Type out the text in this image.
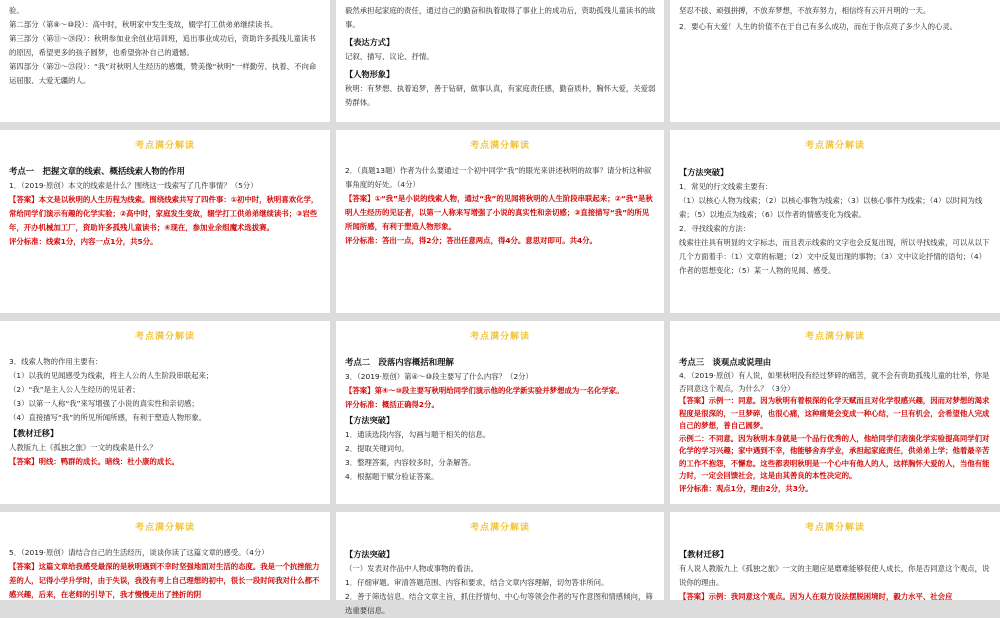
验。
第二部分（第⑧～⑩段）：高中时，秋明家中发生变故，辍学打工供弟弟继续读书。
第三部分（第⑪～⑳段）：秋明参加业余创业培训班，追出事业成功后，资助许多孤残儿童读书的原因，希望更多的孩子圆梦，也希望弥补自己的遗憾。
第四部分（第㉑～㉓段）：“我”对秋明人生经历的感慨，赞美像“秋明”一样勤劳、执着、不向命运屈服、大爱无疆的人。
毅然承担起家庭的责任，通过自己的勤奋和执着取得了事业上的成功后，资助孤残儿童读书的故事。
【表达方式】
记叙、描写、议论、抒情。
【人物形象】
秋明：有梦想、执着追梦，善于钻研，做事认真，有家庭责任感，勤奋质朴，胸怀大爱，关爱弱势群体。
坚忍不拔、顽强拼搏，不放弃梦想，不放弃努力，相信终有云开月明的一天。
2．要心有大爱！人生的价值不在于自己有多么成功，而在于你点亮了多少人的心灵。
考点满分解读
考点一　把握文章的线索、概括线索人物的作用
1．（2019·原创）本文的线索是什么？围绕这一线索写了几件事情？（5分）
【答案】本文是以秋明的人生历程为线索。围绕线索共写了四件事：①初中时，秋明喜欢化学，常给同学们演示有趣的化学实验；②高中时，家庭发生变故，辍学打工供弟弟继续读书；③岩些年，开办机械加工厂，资助许多孤残儿童读书；④现在，参加业余组魔术选拔赛。
评分标准：线索1分，内容一点1分，共5分。
考点满分解读
2．（真题13题）作者为什么要通过一个初中同学“我”的眼光来讲述秋明的故事？请分析这种叙事角度的好处。（4分）
【答案】①“我”是小说的线索人物，通过“我”的见闻将秋明的人生阶段串联起来；②“我”是秋明人生经历的见证者，以第一人称来写增强了小说的真实性和亲切感；③直接描写“我”的所见所闻所感，有利于塑造人物形象。
评分标准：答出一点，得2分；答出任意两点，得4分。意思对即可。共4分。
考点满分解读
【方法突破】
1．常见的行文线索主要有：
（1）以核心人物为线索；（2）以核心事物为线索；（3）以核心事件为线索；（4）以时间为线索；（5）以地点为线索；（6）以作者的情感变化为线索。
2．寻找线索的方法：
线索往往具有明显的文字标志，而且表示线索的文字也会反复出现，所以寻找线索，可以从以下几个方面着手：（1）文章的标题；（2）文中反复出现的事物；（3）文中议论抒情的语句；（4）作者的思想变化；（5）某一人物的见闻、感受。
考点满分解读
3．线索人物的作用主要有：
（1）以我的见闻感受为线索，将主人公的人生阶段串联起来；
（2）“我”是主人公人生经历的见证者；
（3）以第一人称“我”来写增强了小说的真实性和亲切感；
（4）直接描写“我”的所见所闻所感，有利于塑造人物形象。
【教材迁移】
人教版九上《孤独之旅》一文的线索是什么？
【答案】明线：鸭群的成长。暗线：杜小康的成长。
考点满分解读
考点二　段落内容概括和理解
3．（2019·原创）第④～⑩段主要写了什么内容？（2分）
【答案】第④～⑩段主要写秋明给同学们演示他的化学新实验并梦想成为一名化学家。
评分标准：概括正确得2分。
【方法突破】
1．通读选段内容，勾画与题干相关的信息。
2．提取关键词句。
3．整理答案，内容较多时，分条解答。
4．根据题干赋分验证答案。
考点满分解读
考点三　谈观点或说理由
4．（2019·原创）有人说，如果秋明没有经过梦碎的痛苦，就不会有资助孤残儿童的壮举，你是否同意这个观点，为什么？（3分）
【答案】示例一：同意。因为秋明有着根深的化学天赋而且对化学很感兴趣，因而对梦想的渴求程度是很深的，一旦梦碎，也很心痛，这种痛楚会变成一种心结，一旦有机会，会希望他人完成自己的梦想，普自己圆梦。
示例二：不同意。因为秋明本身就是一个品行优秀的人，他给同学们表演化学实验提高同学们对化学的学习兴趣；家中遇到不幸，他能够舍弃学业，承担起家庭责任，供弟弟上学；他着最辛苦的工作不抱怨，不懈怠。这些都表明秋明是一个心中有他人的人，这样胸怀大爱的人，当他有能力时，一定会回馈社会，这是由其善良的本性决定的。
评分标准：观点1分，理由2分，共3分。
考点满分解读
5．（2019·原创）请结合自己的生活经历，谈谈你读了这篇文章的感受。（4分）
【答案】这篇文章给我感受最深的是秋明遇到不幸时坚强地面对生活的态度。我是一个抗挫能力差的人，记得小学升学时，由于失误，我没有考上自己理想的初中，很长一段时间我对什么都不感兴趣，后来，在老师的引导下，我才慢慢走出了挫折的阴
考点满分解读
【方法突破】
（一）发表对作品中人物或事物的看法。
1．仔细审题。审清答题范围、内容和要求，结合文章内容理解，切勿答非所问。
2．善于筛选信息。结合文章主旨，抓住抒情句、中心句等领会作者的写作意图和情感倾向，筛选重要信息。
考点满分解读
【教材迁移】
有人说人教版九上《孤独之旅》一文的主题应是磨难能够促使人成长，你是否同意这个观点，说说你的理由。
【答案】示例：我同意这个观点。因为人在艰方设法摆脱困境时，毅力水平、社会应
